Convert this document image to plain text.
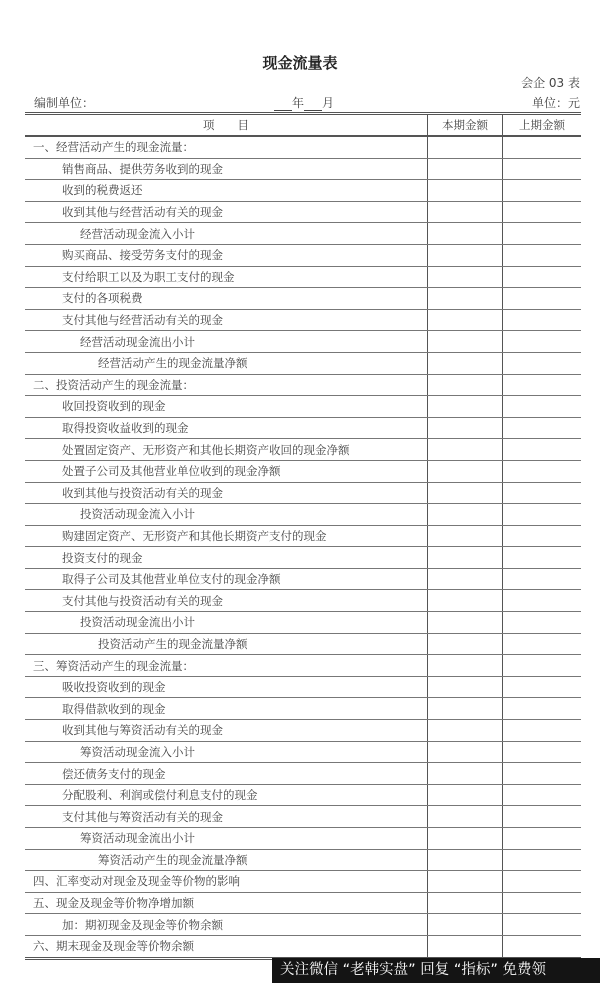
现金流量表
会企 03 表
编制单位：	年 月	单位：元
项　　目	本期金额	上期金额
一、经营活动产生的现金流量：		
销售商品、提供劳务收到的现金		
收到的税费返还		
收到其他与经营活动有关的现金		
经营活动现金流入小计		
购买商品、接受劳务支付的现金		
支付给职工以及为职工支付的现金		
支付的各项税费		
支付其他与经营活动有关的现金		
经营活动现金流出小计		
经营活动产生的现金流量净额		
二、投资活动产生的现金流量：		
收回投资收到的现金		
取得投资收益收到的现金		
处置固定资产、无形资产和其他长期资产收回的现金净额		
处置子公司及其他营业单位收到的现金净额		
收到其他与投资活动有关的现金		
投资活动现金流入小计		
购建固定资产、无形资产和其他长期资产支付的现金		
投资支付的现金		
取得子公司及其他营业单位支付的现金净额		
支付其他与投资活动有关的现金		
投资活动现金流出小计		
投资活动产生的现金流量净额		
三、筹资活动产生的现金流量：		
吸收投资收到的现金		
取得借款收到的现金		
收到其他与筹资活动有关的现金		
筹资活动现金流入小计		
偿还债务支付的现金		
分配股利、利润或偿付利息支付的现金		
支付其他与筹资活动有关的现金		
筹资活动现金流出小计		
筹资活动产生的现金流量净额		
四、汇率变动对现金及现金等价物的影响		
五、现金及现金等价物净增加额		
加：期初现金及现金等价物余额		
六、期末现金及现金等价物余额		
关注微信 “老韩实盘” 回复 “指标” 免费领
